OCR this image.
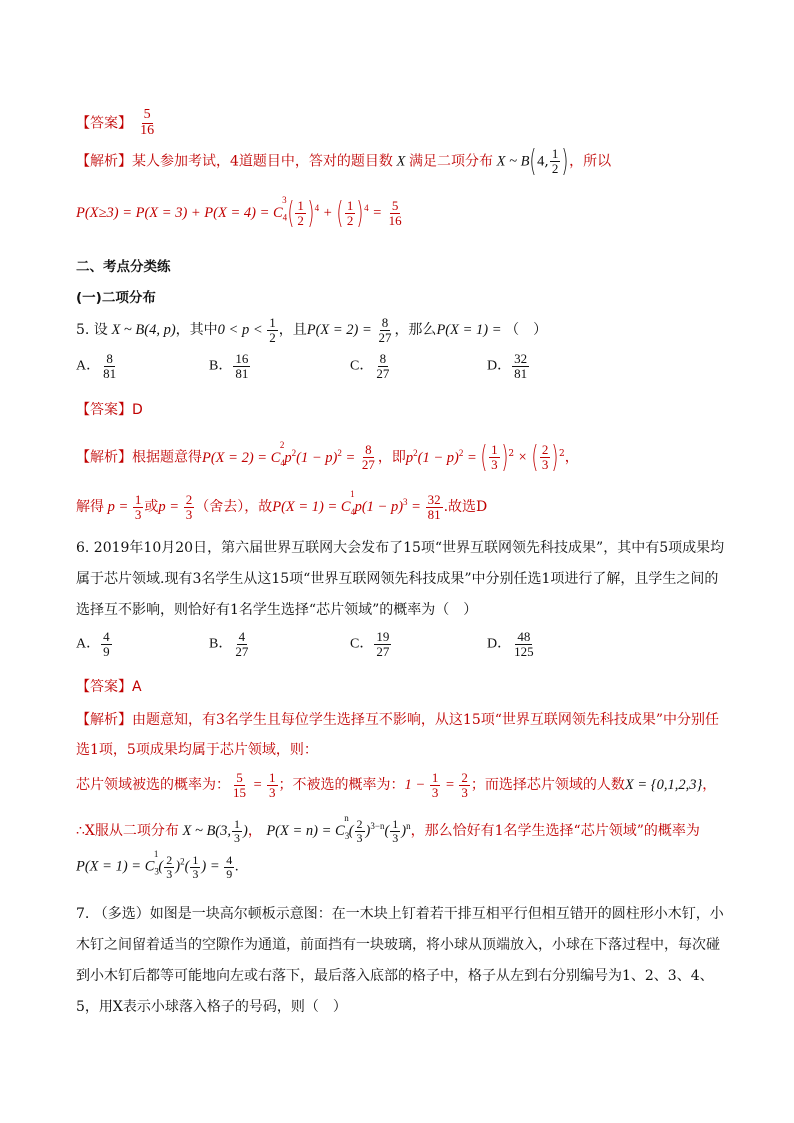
【答案】 $\frac{5}{16}$
【解析】某人参加考试，4道题目中，答对的题目数 X 满足二项分布 X ~ B(4, $\frac{1}{2}$ )，所以
$P(X\ge 3) = P(X = 3) + P(X = 4) = C_4^3( \frac{1}{2} )^4$ + ( $\frac{1}{2} )^4 = \frac{5}{16}$
二、考点分类练
(一)二项分布
5. 设 X ~ B(4, p)，其中$0 < p < \frac{1}{2}$ ，且$P(X = 2) = \frac{8}{27}$ ，那么P(X = 1) = （　）
A． $\frac{8}{81}$	B． $\frac{16}{81}$	C． $\frac{8}{27}$	D． $\frac{32}{81}$
【答案】D
【解析】根据题意得$P(X = 2) = C_4^2p^2(1 - p)^2 = \frac{8}{27}$ ，即$p^2(1 - p)^2$ = ( $\frac{1}{3} )^2$ × ( $\frac{2}{3} )^2$，
解得 $p = \frac{1}{3}$ 或$p = \frac{2}{3}$ （舍去），故$P(X = 1) = C_4^1p(1 - p)^3 = \frac{32}{81}$ .故选D
6. 2019年10月20日，第六届世界互联网大会发布了15项“世界互联网领先科技成果”，其中有5项成果均
属于芯片领域.现有3名学生从这15项“世界互联网领先科技成果”中分别任选1项进行了解，且学生之间的
选择互不影响，则恰好有1名学生选择“芯片领域”的概率为（　）
A． $\frac{4}{9}$	B． $\frac{4}{27}$	C． $\frac{19}{27}$	D． $\frac{48}{125}$
【答案】A
【解析】由题意知，有3名学生且每位学生选择互不影响，从这15项“世界互联网领先科技成果”中分别任
选1项，5项成果均属于芯片领域，则：
芯片领域被选的概率为： $\frac{5}{15} = \frac{1}{3}$ ；不被选的概率为：$1 - \frac{1}{3} = \frac{2}{3}$ ；而选择芯片领域的人数X = {0,1,2,3}，
∴X服从二项分布 X ~ B(3, $\frac{1}{3}$ )， $P(X = n) = C_3^n( \frac{2}{3} )^{3-n}( \frac{1}{3} )^n$，那么恰好有1名学生选择“芯片领域”的概率为
$P(X = 1) = C_3^1( \frac{2}{3} )^2( \frac{1}{3}$ ) = $\frac{4}{9}$ .
7. （多选）如图是一块高尔顿板示意图：在一木块上钉着若干排互相平行但相互错开的圆柱形小木钉，小
木钉之间留着适当的空隙作为通道，前面挡有一块玻璃，将小球从顶端放入，小球在下落过程中，每次碰
到小木钉后都等可能地向左或右落下，最后落入底部的格子中，格子从左到右分别编号为1、2、3、4、
5，用X表示小球落入格子的号码，则（　）
